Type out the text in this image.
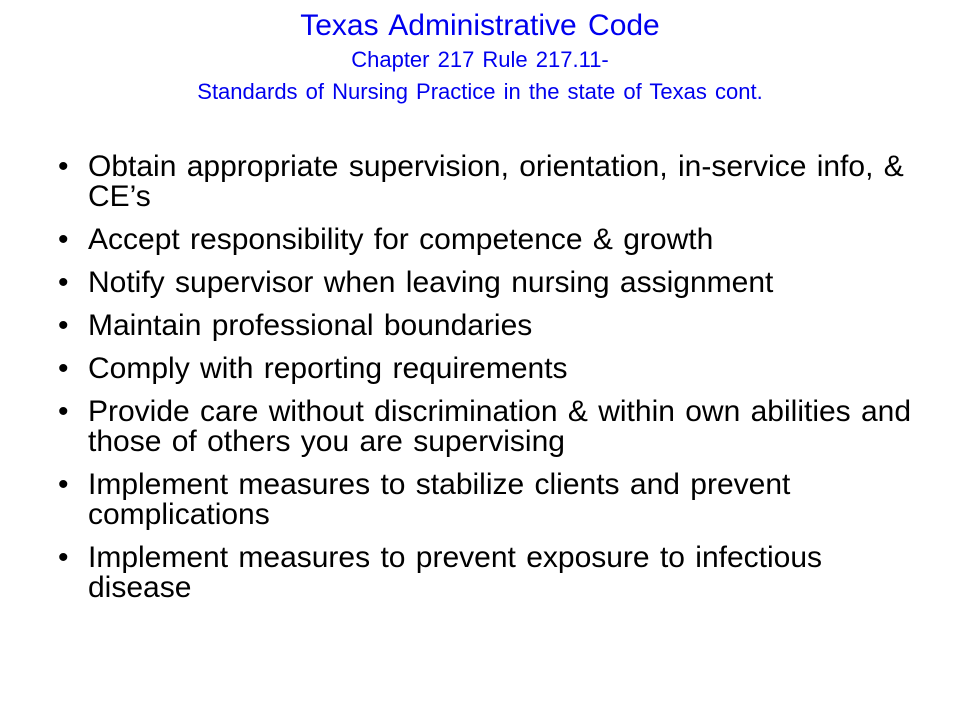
Texas Administrative Code
Chapter 217 Rule 217.11-
Standards of Nursing Practice in the state of Texas cont.
• Obtain appropriate supervision, orientation, in-service info, & CE’s
• Accept responsibility for competence & growth
• Notify supervisor when leaving nursing assignment
• Maintain professional boundaries
• Comply with reporting requirements
• Provide care without discrimination & within own abilities and those of others you are supervising
• Implement measures to stabilize clients and prevent complications
• Implement measures to prevent exposure to infectious disease
